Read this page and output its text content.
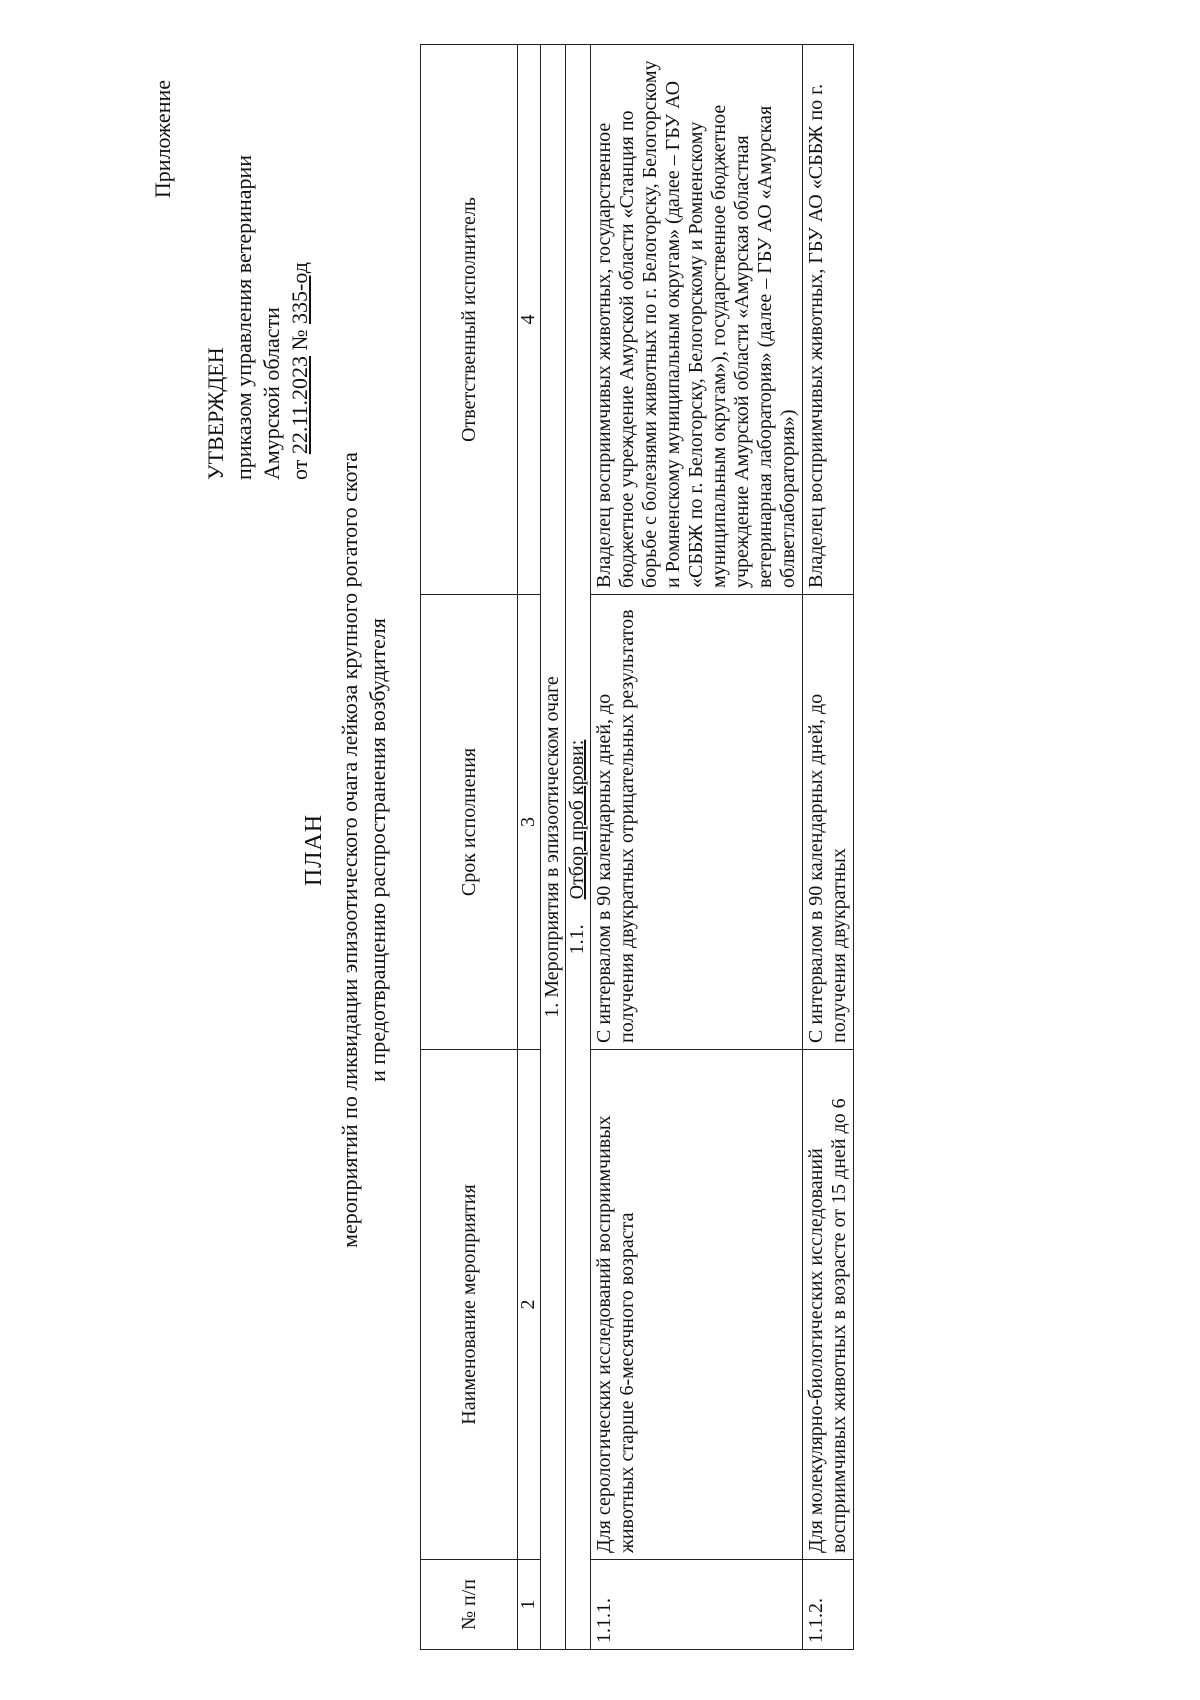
Приложение
УТВЕРЖДЕН приказом управления ветеринарии Амурской области от 22.11.2023 № 335-од
ПЛАН мероприятий по ликвидации эпизоотического очага лейкоза крупного рогатого скота и предотвращению распространения возбудителя
№ п/п	Наименование мероприятия	Срок исполнения	Ответственный исполнитель
1	2	3	4
1. Мероприятия в эпизоотическом очаге			
1.1.Отбор проб крови:			
1.1.1.	Для серологических исследований восприимчивых животных старше 6-месячного возраста	С интервалом в 90 календарных дней, до получения двукратных отрицательных результатов	Владелец восприимчивых животных, государственное бюджетное учреждение Амурской области «Станция по борьбе с болезнями животных по г. Белогорску, Белогорскому и Ромненскому муниципальным округам» (далее – ГБУ АО «СББЖ по г. Белогорску, Белогорскому и Ромненскому муниципальным округам»), государственное бюджетное учреждение Амурской области «Амурская областная ветеринарная лаборатория» (далее – ГБУ АО «Амурская облветлаборатория»)
1.1.2.	Для молекулярно-биологических исследований восприимчивых животных в возрасте от 15 дней до 6	С интервалом в 90 календарных дней, до получения двукратных	Владелец восприимчивых животных, ГБУ АО «СББЖ по г.
